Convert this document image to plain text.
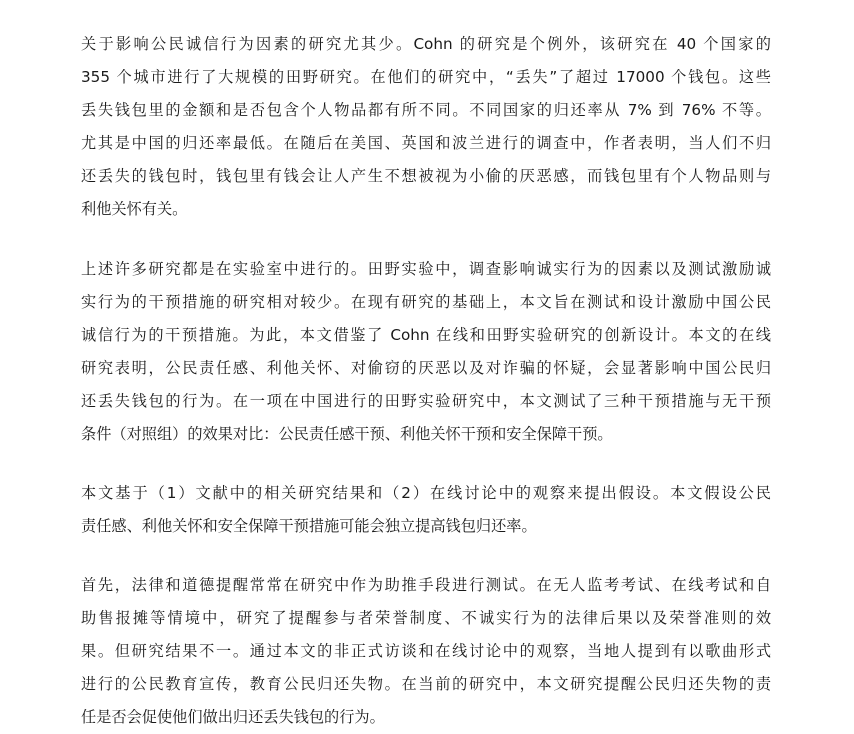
关于影响公民诚信行为因素的研究尤其少。Cohn 的研究是个例外，该研究在 40 个国家的
355 个城市进行了大规模的田野研究。在他们的研究中，“丢失”了超过 17000 个钱包。这些
丢失钱包里的金额和是否包含个人物品都有所不同。不同国家的归还率从 7% 到 76% 不等。
尤其是中国的归还率最低。在随后在美国、英国和波兰进行的调查中，作者表明，当人们不归
还丢失的钱包时，钱包里有钱会让人产生不想被视为小偷的厌恶感，而钱包里有个人物品则与
利他关怀有关。

上述许多研究都是在实验室中进行的。田野实验中，调查影响诚实行为的因素以及测试激励诚
实行为的干预措施的研究相对较少。在现有研究的基础上，本文旨在测试和设计激励中国公民
诚信行为的干预措施。为此，本文借鉴了 Cohn 在线和田野实验研究的创新设计。本文的在线
研究表明，公民责任感、利他关怀、对偷窃的厌恶以及对诈骗的怀疑，会显著影响中国公民归
还丢失钱包的行为。在一项在中国进行的田野实验研究中，本文测试了三种干预措施与无干预
条件（对照组）的效果对比：公民责任感干预、利他关怀干预和安全保障干预。

本文基于（1）文献中的相关研究结果和（2）在线讨论中的观察来提出假设。本文假设公民
责任感、利他关怀和安全保障干预措施可能会独立提高钱包归还率。

首先，法律和道德提醒常常在研究中作为助推手段进行测试。在无人监考考试、在线考试和自
助售报摊等情境中，研究了提醒参与者荣誉制度、不诚实行为的法律后果以及荣誉准则的效
果。但研究结果不一。通过本文的非正式访谈和在线讨论中的观察，当地人提到有以歌曲形式
进行的公民教育宣传，教育公民归还失物。在当前的研究中，本文研究提醒公民归还失物的责
任是否会促使他们做出归还丢失钱包的行为。
